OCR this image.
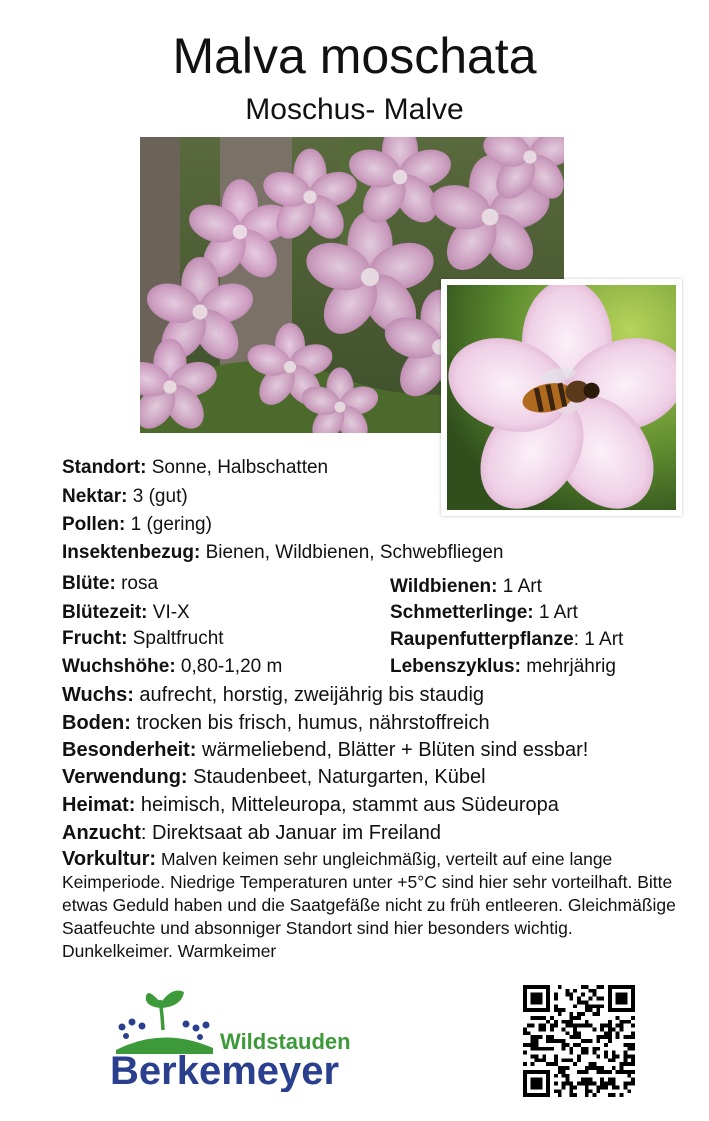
Malva moschata
Moschus- Malve
Standort: Sonne, Halbschatten
Nektar: 3 (gut)
Pollen: 1 (gering)
Insektenbezug: Bienen, Wildbienen, Schwebfliegen
Blüte: rosa
Blütezeit: VI-X
Frucht: Spaltfrucht
Wuchshöhe: 0,80-1,20 m
Wildbienen: 1 Art
Schmetterlinge: 1 Art
Raupenfutterpflanze: 1 Art
Lebenszyklus: mehrjährig
Wuchs: aufrecht, horstig, zweijährig bis staudig
Boden: trocken bis frisch, humus, nährstoffreich
Besonderheit: wärmeliebend, Blätter + Blüten sind essbar!
Verwendung: Staudenbeet, Naturgarten, Kübel
Heimat: heimisch, Mitteleuropa, stammt aus Südeuropa
Anzucht: Direktsaat ab Januar im Freiland
Vorkultur: Malven keimen sehr ungleichmäßig, verteilt auf eine lange Keimperiode. Niedrige Temperaturen unter +5°C sind hier sehr vorteilhaft. Bitte etwas Geduld haben und die Saatgefäße nicht zu früh entleeren. Gleichmäßige Saatfeuchte und absonniger Standort sind hier besonders wichtig. Dunkelkeimer. Warmkeimer
Wildstauden
Berkemeyer
